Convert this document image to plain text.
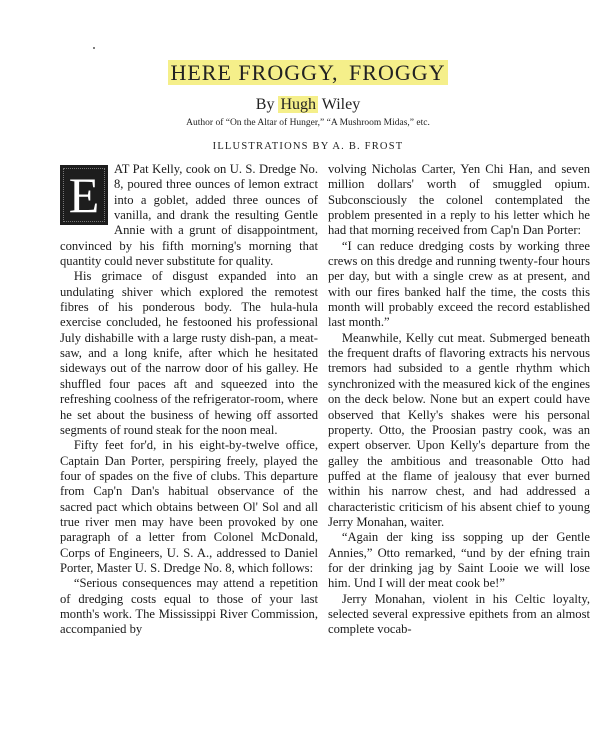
HERE FROGGY, FROGGY
By Hugh Wiley
Author of “On the Altar of Hunger,” “A Mushroom Midas,” etc.
ILLUSTRATIONS BY A. B. FROST

E AT Pat Kelly, cook on U. S. Dredge No. 8, poured three ounces of lemon extract into a goblet, added three ounces of vanilla, and drank the resulting Gentle Annie with a grunt of disappointment, convinced by his fifth morning's morning that quantity could never substitute for quality.

His grimace of disgust expanded into an undulating shiver which explored the remotest fibres of his ponderous body. The hula-hula exercise concluded, he festooned his professional July dishabille with a large rusty dish-pan, a meat-saw, and a long knife, after which he hesitated sideways out of the narrow door of his galley. He shuffled four paces aft and squeezed into the refreshing coolness of the refrigerator-room, where he set about the business of hewing off assorted segments of round steak for the noon meal.

Fifty feet for'd, in his eight-by-twelve office, Captain Dan Porter, perspiring freely, played the four of spades on the five of clubs. This departure from Cap'n Dan's habitual observance of the sacred pact which obtains between Ol' Sol and all true river men may have been provoked by one paragraph of a letter from Colonel McDonald, Corps of Engineers, U. S. A., addressed to Daniel Porter, Master U. S. Dredge No. 8, which follows:

“Serious consequences may attend a repetition of dredging costs equal to those of your last month's work. The Mississippi River Commission, accompanied by

volving Nicholas Carter, Yen Chi Han, and seven million dollars' worth of smuggled opium. Subconsciously the colonel contemplated the problem presented in a reply to his letter which he had that morning received from Cap'n Dan Porter:

“I can reduce dredging costs by working three crews on this dredge and running twenty-four hours per day, but with a single crew as at present, and with our fires banked half the time, the costs this month will probably exceed the record established last month.”

Meanwhile, Kelly cut meat. Submerged beneath the frequent drafts of flavoring extracts his nervous tremors had subsided to a gentle rhythm which synchronized with the measured kick of the engines on the deck below. None but an expert could have observed that Kelly's shakes were his personal property. Otto, the Proosian pastry cook, was an expert observer. Upon Kelly's departure from the galley the ambitious and treasonable Otto had puffed at the flame of jealousy that ever burned within his narrow chest, and had addressed a characteristic criticism of his absent chief to young Jerry Monahan, waiter.

“Again der king iss sopping up der Gentle Annies,” Otto remarked, “und by der efning train for der drinking jag by Saint Looie we will lose him. Und I will der meat cook be!”

Jerry Monahan, violent in his Celtic loyalty, selected several expressive epithets from an almost complete vocab-
